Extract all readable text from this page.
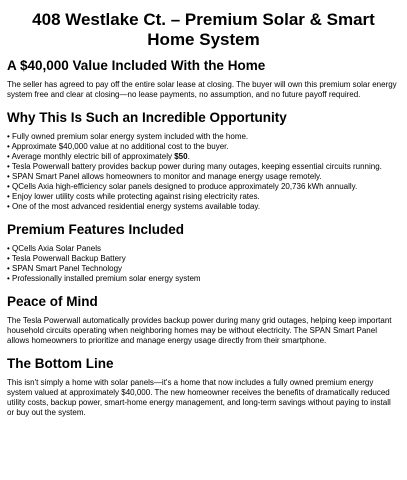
408 Westlake Ct. – Premium Solar & Smart Home System
A $40,000 Value Included With the Home

The seller has agreed to pay off the entire solar lease at closing. The buyer will own this premium solar energy system free and clear at closing—no lease payments, no assumption, and no future payoff required.

Why This Is Such an Incredible Opportunity
• Fully owned premium solar energy system included with the home.
• Approximate $40,000 value at no additional cost to the buyer.
• Average monthly electric bill of approximately $50.
• Tesla Powerwall battery provides backup power during many outages, keeping essential circuits running.
• SPAN Smart Panel allows homeowners to monitor and manage energy usage remotely.
• QCells Axia high-efficiency solar panels designed to produce approximately 20,736 kWh annually.
• Enjoy lower utility costs while protecting against rising electricity rates.
• One of the most advanced residential energy systems available today.
Premium Features Included
• QCells Axia Solar Panels
• Tesla Powerwall Backup Battery
• SPAN Smart Panel Technology
• Professionally installed premium solar energy system
Peace of Mind

The Tesla Powerwall automatically provides backup power during many grid outages, helping keep important household circuits operating when neighboring homes may be without electricity. The SPAN Smart Panel allows homeowners to prioritize and manage energy usage directly from their smartphone.

The Bottom Line

This isn't simply a home with solar panels—it's a home that now includes a fully owned premium energy system valued at approximately $40,000. The new homeowner receives the benefits of dramatically reduced utility costs, backup power, smart-home energy management, and long-term savings without paying to install or buy out the system.
